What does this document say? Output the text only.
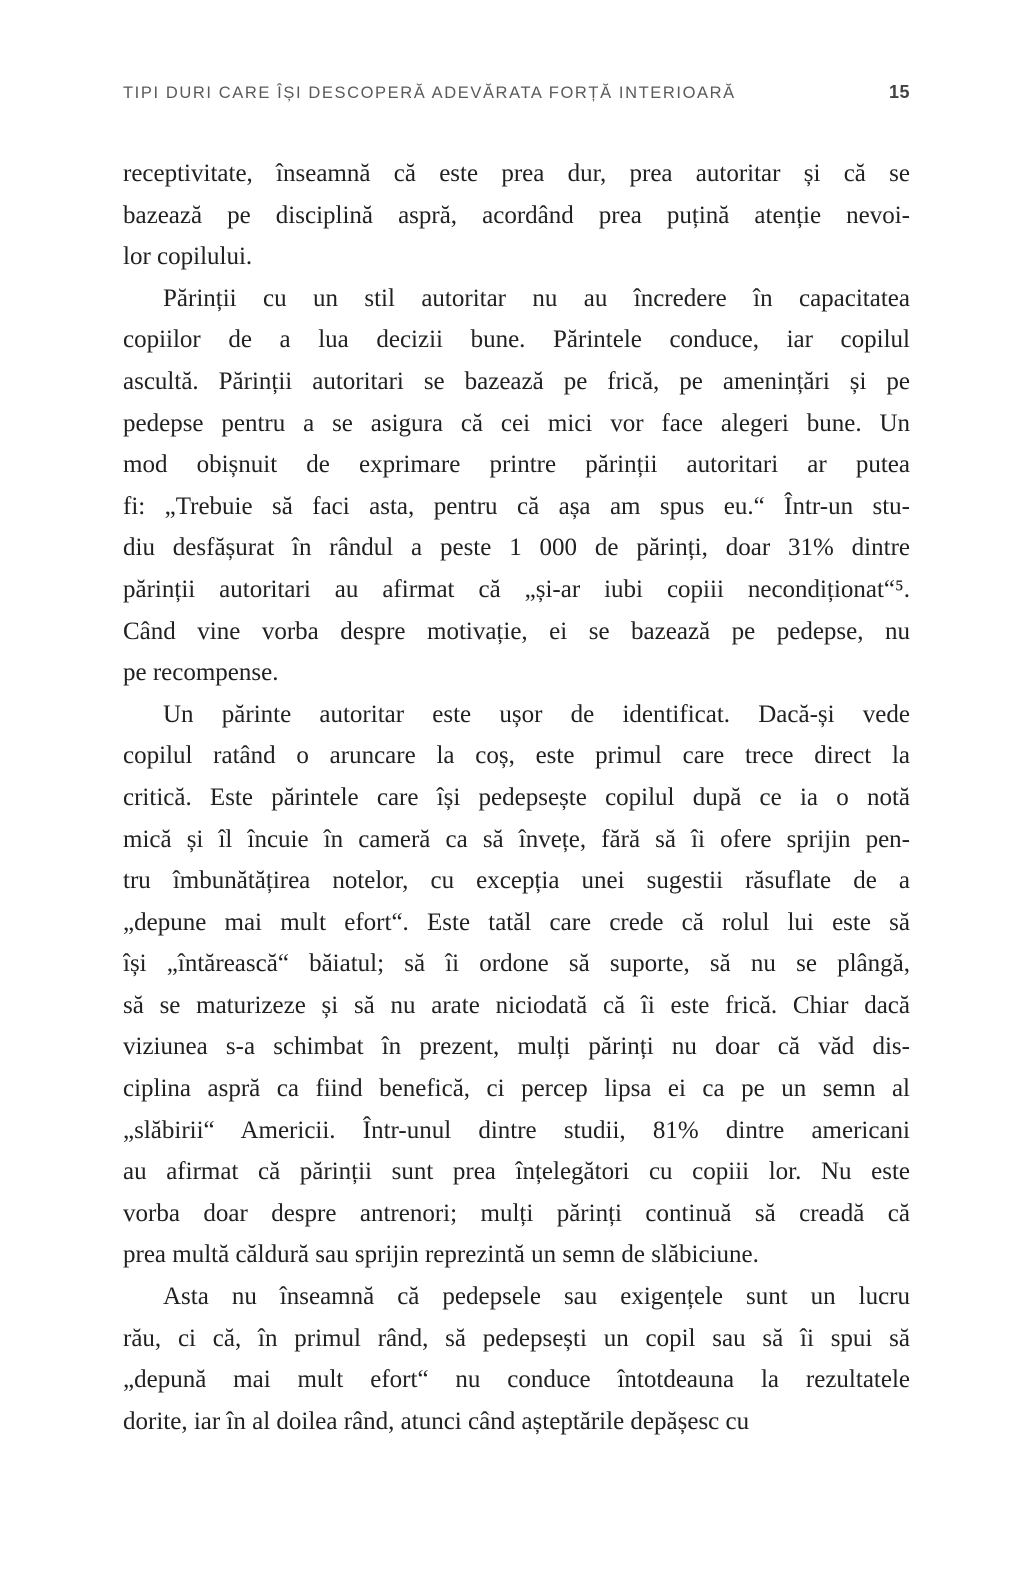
TIPI DURI CARE ÎȘI DESCOPERĂ ADEVĂRATA FORȚĂ INTERIOARĂ	15
receptivitate, înseamnă că este prea dur, prea autoritar și că se
bazează pe disciplină aspră, acordând prea puțină atenție nevoi-
lor copilului.
Părinții cu un stil autoritar nu au încredere în capacitatea
copiilor de a lua decizii bune. Părintele conduce, iar copilul
ascultă. Părinții autoritari se bazează pe frică, pe amenințări și pe
pedepse pentru a se asigura că cei mici vor face alegeri bune. Un
mod obișnuit de exprimare printre părinții autoritari ar putea
fi: „Trebuie să faci asta, pentru că așa am spus eu.“ Într-un stu-
diu desfășurat în rândul a peste 1 000 de părinți, doar 31% dintre
părinții autoritari au afirmat că „și-ar iubi copiii necondiționat“⁵.
Când vine vorba despre motivație, ei se bazează pe pedepse, nu
pe recompense.
Un părinte autoritar este ușor de identificat. Dacă-și vede
copilul ratând o aruncare la coș, este primul care trece direct la
critică. Este părintele care își pedepsește copilul după ce ia o notă
mică și îl încuie în cameră ca să învețe, fără să îi ofere sprijin pen-
tru îmbunătățirea notelor, cu excepția unei sugestii răsuflate de a
„depune mai mult efort“. Este tatăl care crede că rolul lui este să
își „întărească“ băiatul; să îi ordone să suporte, să nu se plângă,
să se maturizeze și să nu arate niciodată că îi este frică. Chiar dacă
viziunea s-a schimbat în prezent, mulți părinți nu doar că văd dis-
ciplina aspră ca fiind benefică, ci percep lipsa ei ca pe un semn al
„slăbirii“ Americii. Într-unul dintre studii, 81% dintre americani
au afirmat că părinții sunt prea înțelegători cu copiii lor. Nu este
vorba doar despre antrenori; mulți părinți continuă să creadă că
prea multă căldură sau sprijin reprezintă un semn de slăbiciune.
Asta nu înseamnă că pedepsele sau exigențele sunt un lucru
rău, ci că, în primul rând, să pedepsești un copil sau să îi spui să
„depună mai mult efort“ nu conduce întotdeauna la rezultatele
dorite, iar în al doilea rând, atunci când așteptările depășesc cu
